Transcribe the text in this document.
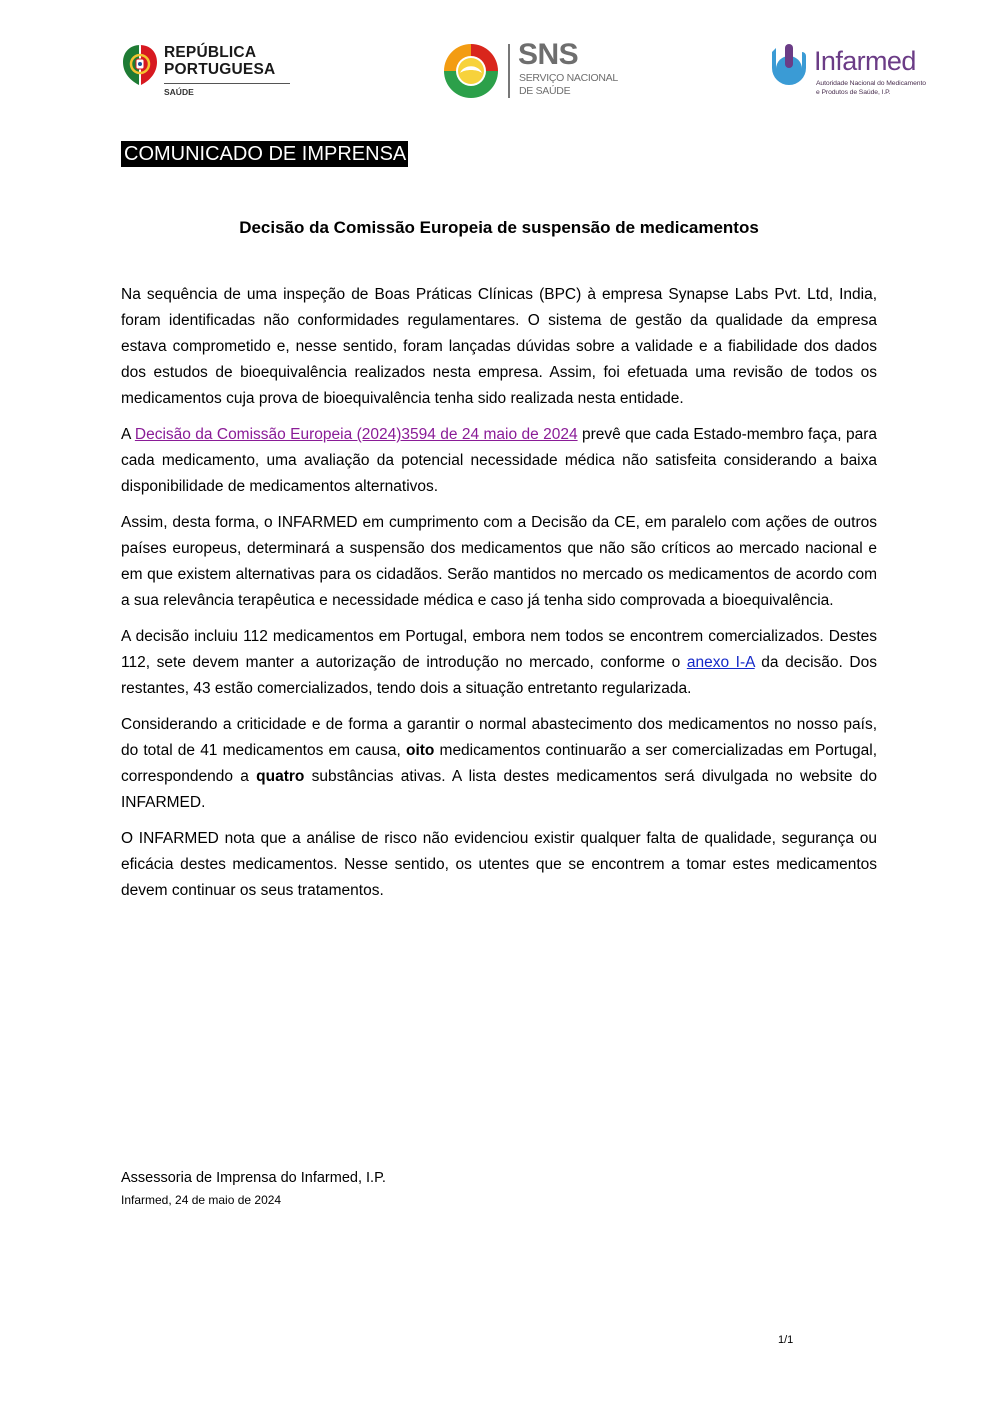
REPÚBLICA
PORTUGUESA
SAÚDE
SNS
SERVIÇO NACIONAL
DE SAÚDE
Infarmed
Autoridade Nacional do Medicamento
e Produtos de Saúde, I.P.
COMUNICADO DE IMPRENSA
Decisão da Comissão Europeia de suspensão de medicamentos

Na sequência de uma inspeção de Boas Práticas Clínicas (BPC) à empresa Synapse Labs Pvt. Ltd, India, foram identificadas não conformidades regulamentares. O sistema de gestão da qualidade da empresa estava comprometido e, nesse sentido, foram lançadas dúvidas sobre a validade e a fiabilidade dos dados dos estudos de bioequivalência realizados nesta empresa. Assim, foi efetuada uma revisão de todos os medicamentos cuja prova de bioequivalência tenha sido realizada nesta entidade.

A Decisão da Comissão Europeia (2024)3594 de 24 maio de 2024 prevê que cada Estado-membro faça, para cada medicamento, uma avaliação da potencial necessidade médica não satisfeita considerando a baixa disponibilidade de medicamentos alternativos.

Assim, desta forma, o INFARMED em cumprimento com a Decisão da CE, em paralelo com ações de outros países europeus, determinará a suspensão dos medicamentos que não são críticos ao mercado nacional e em que existem alternativas para os cidadãos. Serão mantidos no mercado os medicamentos de acordo com a sua relevância terapêutica e necessidade médica e caso já tenha sido comprovada a bioequivalência.

A decisão incluiu 112 medicamentos em Portugal, embora nem todos se encontrem comercializados. Destes 112, sete devem manter a autorização de introdução no mercado, conforme o anexo I-A da decisão. Dos restantes, 43 estão comercializados, tendo dois a situação entretanto regularizada.

Considerando a criticidade e de forma a garantir o normal abastecimento dos medicamentos no nosso país, do total de 41 medicamentos em causa, oito medicamentos continuarão a ser comercializadas em Portugal, correspondendo a quatro substâncias ativas. A lista destes medicamentos será divulgada no website do INFARMED.

O INFARMED nota que a análise de risco não evidenciou existir qualquer falta de qualidade, segurança ou eficácia destes medicamentos. Nesse sentido, os utentes que se encontrem a tomar estes medicamentos devem continuar os seus tratamentos.

Assessoria de Imprensa do Infarmed, I.P.
Infarmed, 24 de maio de 2024
1/1
